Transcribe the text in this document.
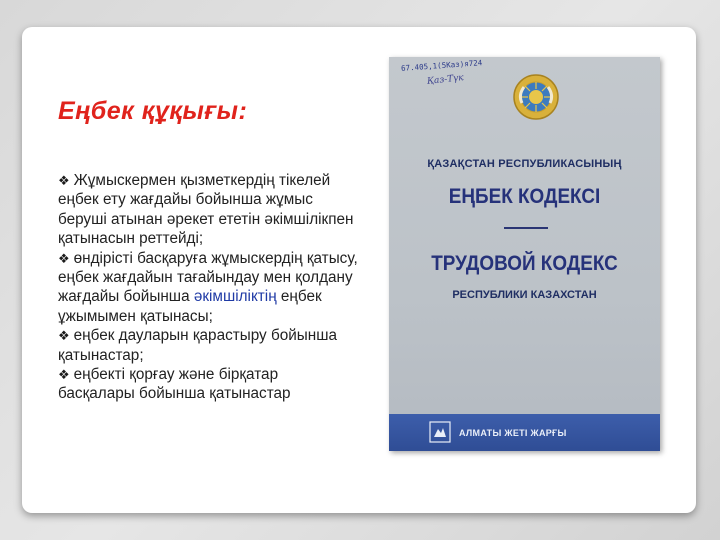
Еңбек құқығы:

❖ Жұмыскермен қызметкердің тікелей еңбек ету жағдайы бойынша жұмыс беруші атынан әрекет ететін әкімшілікпен қатынасын реттейді;

❖ өндірісті басқаруға жұмыскердің қатысу, еңбек жағдайын тағайындау мен қолдану жағдайы бойынша әкімшіліктің еңбек ұжымымен қатынасы;

❖ еңбек дауларын қарастыру бойынша қатынастар;

❖ еңбекті қорғау және бірқатар басқалары бойынша қатынастар

67.405,1(5Каз)я724
Қаз-Түк
ҚАЗАҚСТАН РЕСПУБЛИКАСЫНЫҢ
ЕҢБЕК КОДЕКСІ
ТРУДОВОЙ КОДЕКС
РЕСПУБЛИКИ КАЗАХСТАН
АЛМАТЫ ЖЕТІ ЖАРҒЫ
